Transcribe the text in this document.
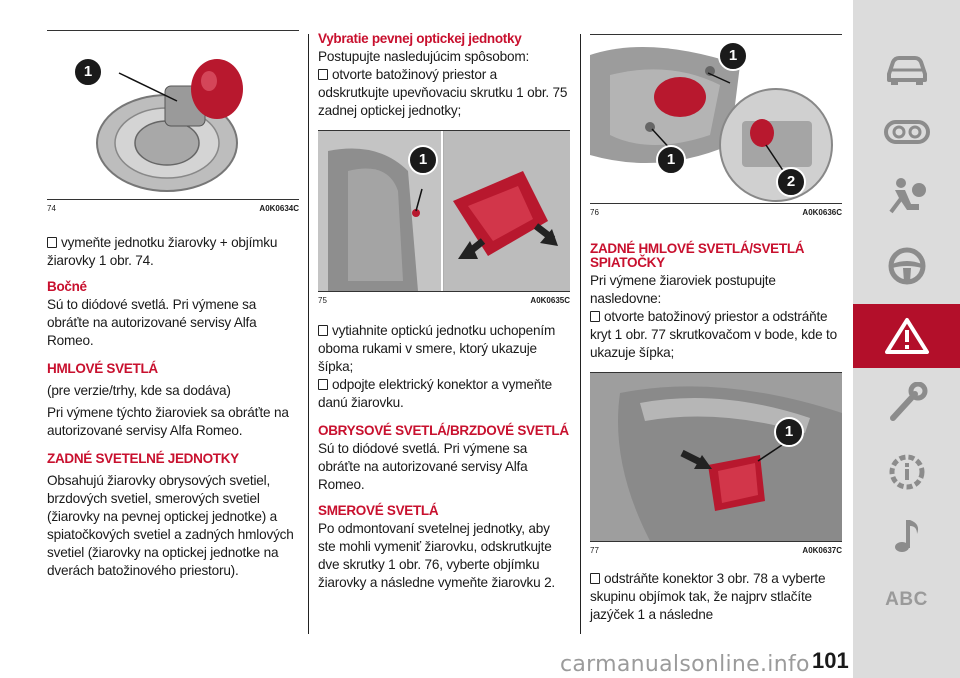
1
74	A0K0634C

vymeňte jednotku žiarovky + objímku žiarovky 1 obr. 74.

Bočné

Sú to diódové svetlá. Pri výmene sa obráťte na autorizované servisy Alfa Romeo.

HMLOVÉ SVETLÁ

(pre verzie/trhy, kde sa dodáva)

Pri výmene týchto žiaroviek sa obráťte na autorizované servisy Alfa Romeo.

ZADNÉ SVETELNÉ JEDNOTKY

Obsahujú žiarovky obrysových svetiel, brzdových svetiel, smerových svetiel (žiarovky na pevnej optickej jednotke) a spiatočkových svetiel a zadných hmlových svetiel (žiarovky na optickej jednotke na dverách batožinového priestoru).

Vybratie pevnej optickej jednotky

Postupujte nasledujúcim spôsobom:

otvorte batožinový priestor a odskrutkujte upevňovaciu skrutku 1 obr. 75 zadnej optickej jednotky;

1
75	A0K0635C

vytiahnite optickú jednotku uchopením oboma rukami v smere, ktorý ukazuje šípka;

odpojte elektrický konektor a vymeňte danú žiarovku.

OBRYSOVÉ SVETLÁ/BRZDOVÉ SVETLÁ

Sú to diódové svetlá. Pri výmene sa obráťte na autorizované servisy Alfa Romeo.

SMEROVÉ SVETLÁ

Po odmontovaní svetelnej jednotky, aby ste mohli vymeniť žiarovku, odskrutkujte dve skrutky 1 obr. 76, vyberte objímku žiarovky a následne vymeňte žiarovku 2.

1
1
2
76	A0K0636C
ZADNÉ HMLOVÉ SVETLÁ/SVETLÁ SPIATOČKY

Pri výmene žiaroviek postupujte nasledovne:

otvorte batožinový priestor a odstráňte kryt 1 obr. 77 skrutkovačom v bode, kde to ukazuje šípka;

1
77	A0K0637C

odstráňte konektor 3 obr. 78 a vyberte skupinu objímok tak, že najprv stlačíte jazýček 1 a následne

ABC
carmanualsonline.info 101
